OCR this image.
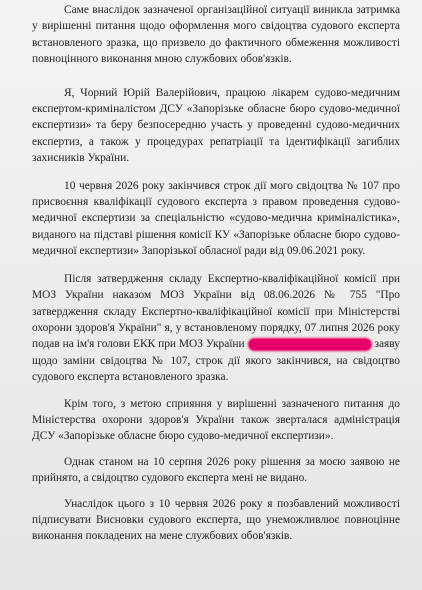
Саме внаслідок зазначеної організаційної ситуації виникла затримка у вирішенні питання щодо оформлення мого свідоцтва судового експерта встановленого зразка, що призвело до фактичного обмеження можливості повноцінного виконання мною службових обов'язків.

Я, Чорний Юрій Валерійович, працюю лікарем судово-медичним експертом-криміналістом ДСУ «Запорізьке обласне бюро судово-медичної експертизи» та беру безпосередню участь у проведенні судово-медичних експертиз, а також у процедурах репатріації та ідентифікації загиблих захисників України.

10 червня 2026 року закінчився строк дії мого свідоцтва № 107 про присвоєння кваліфікації судового експерта з правом проведення судово-медичної експертизи за спеціальністю «судово-медична криміналістика», виданого на підставі рішення комісії КУ «Запорізьке обласне бюро судово-медичної експертизи» Запорізької обласної ради від 09.06.2021 року.

Після затвердження складу Експертно-кваліфікаційної комісії при МОЗ України наказом МОЗ України від 08.06.2026 № 755 "Про затвердження складу Експертно-кваліфікаційної комісії при Міністерстві охорони здоров'я України" я, у встановленому порядку, 07 липня 2026 року подав на ім'я голови ЕКК при МОЗ України	заяву щодо заміни свідоцтва № 107, строк дії якого закінчився, на свідоцтво судового експерта встановленого зразка.

Крім того, з метою сприяння у вирішенні зазначеного питання до Міністерства охорони здоров'я України також зверталася адміністрація ДСУ «Запорізьке обласне бюро судово-медичної експертизи».

Однак станом на 10 серпня 2026 року рішення за моєю заявою не прийнято, а свідоцтво судового експерта мені не видано.

Унаслідок цього з 10 червня 2026 року я позбавлений можливості підписувати Висновки судового експерта, що унеможливлює повноцінне виконання покладених на мене службових обов'язків.
